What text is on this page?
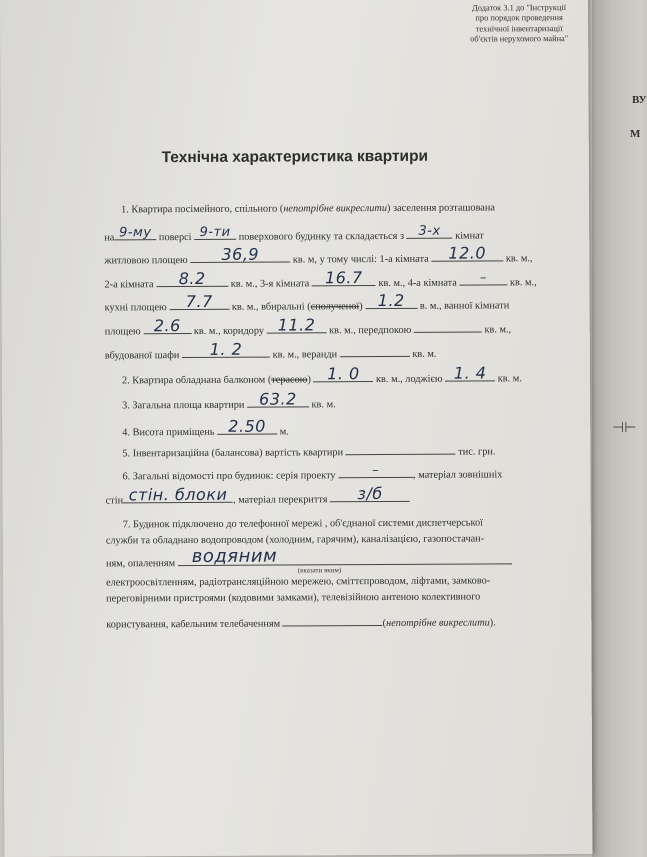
ВУ
М
⊣⊢
Додаток 3.1 до "Інструкції
про порядок проведення
технічної інвентаризації
об'єктів нерухомого майна"
Технічна характеристика квартири
1. Квартира посімейного, спільного (непотрібне викреслити) заселення розташована
на 9-му поверсі 9-ти поверхового будинку та складається з	3-х	кімнат
житловою площею	36,9	кв. м, у тому числі: 1-а кімната	12.0	кв. м.,
2-а кімната	8.2	кв. м., 3-я кімната 16.7	кв. м., 4-а кімната	–	кв. м.,
кухні площею	7.7	кв. м., вбиральні (сполученої) 1.2	в. м., ванної кімнати
площею 2.6	кв. м., коридору 11.2	кв. м., передпокою	кв. м.,
вбудованої шафи	1. 2	кв. м., веранди	кв. м.
2. Квартира обладнана балконом (терасою)	1. 0	кв. м., лоджією 1. 4	кв. м.
3. Загальна площа квартири 63.2	кв. м.
4. Висота приміщень 2.50	м.
5. Інвентаризаційна (балансова) вартість квартири	тис. грн.
6. Загальні відомості про будинок: серія проекту	–	, матеріал зовнішніх
стін стін. блоки , матеріал перекриття	з/б
7. Будинок підключено до телефонної мережі , об'єднаної системи диспетчерської
служби та обладнано водопроводом (холодним, гарячим), каналізацією, газопостачан-
ням, опаленням водяним
(вказати яким)
електроосвітленням, радіотрансляційною мережею, сміттєпроводом, ліфтами, замково-
переговірними пристроями (кодовими замками), телевізійною антеною колективного
користування, кабельним телебаченням	(непотрібне викреслити).
